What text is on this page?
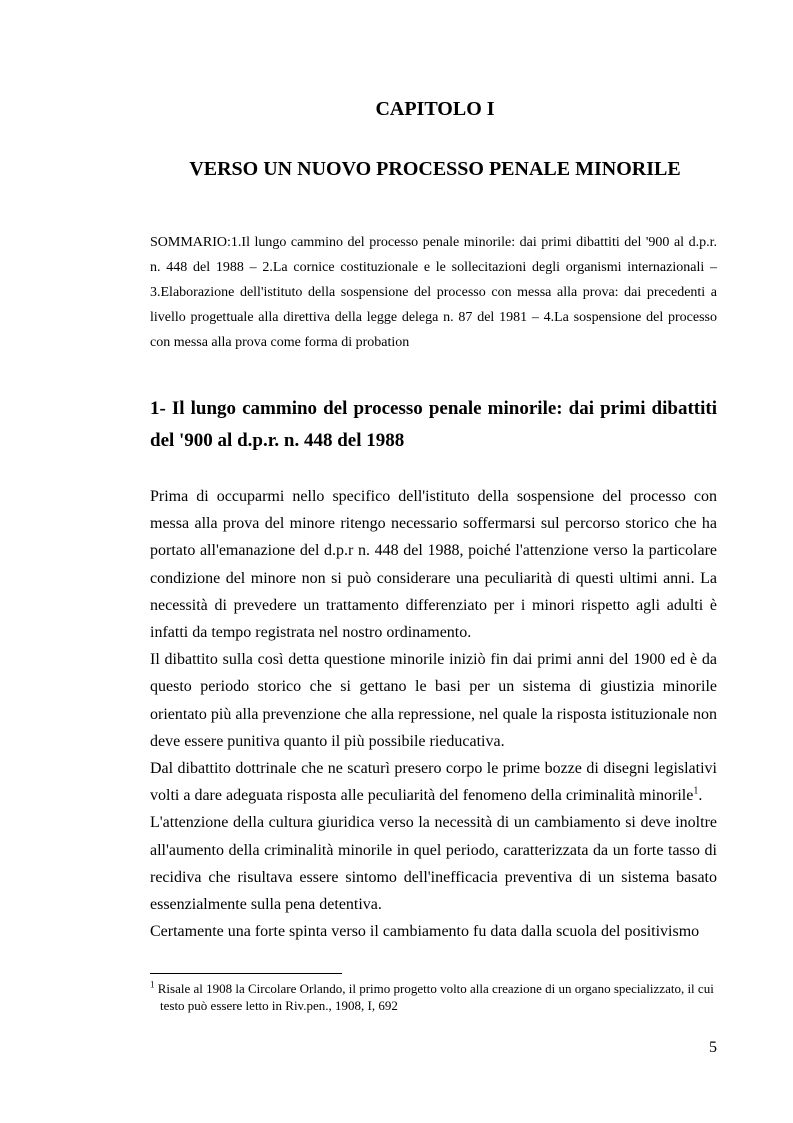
CAPITOLO I
VERSO UN NUOVO PROCESSO PENALE MINORILE
SOMMARIO:1.Il lungo cammino del processo penale minorile: dai primi dibattiti del '900 al d.p.r. n. 448 del 1988 – 2.La cornice costituzionale e le sollecitazioni degli organismi internazionali – 3.Elaborazione dell'istituto della sospensione del processo con messa alla prova: dai precedenti a livello progettuale alla direttiva della legge delega n. 87 del 1981 – 4.La sospensione del processo con messa alla prova come forma di probation
1- Il lungo cammino del processo penale minorile: dai primi dibattiti del '900 al d.p.r. n. 448 del 1988

Prima di occuparmi nello specifico dell'istituto della sospensione del processo con messa alla prova del minore ritengo necessario soffermarsi sul percorso storico che ha portato all'emanazione del d.p.r n. 448 del 1988, poiché l'attenzione verso la particolare condizione del minore non si può considerare una peculiarità di questi ultimi anni. La necessità di prevedere un trattamento differenziato per i minori rispetto agli adulti è infatti da tempo registrata nel nostro ordinamento.

Il dibattito sulla così detta questione minorile iniziò fin dai primi anni del 1900 ed è da questo periodo storico che si gettano le basi per un sistema di giustizia minorile orientato più alla prevenzione che alla repressione, nel quale la risposta istituzionale non deve essere punitiva quanto il più possibile rieducativa.

Dal dibattito dottrinale che ne scaturì presero corpo le prime bozze di disegni legislativi volti a dare adeguata risposta alle peculiarità del fenomeno della criminalità minorile$^1$.

L'attenzione della cultura giuridica verso la necessità di un cambiamento si deve inoltre all'aumento della criminalità minorile in quel periodo, caratterizzata da un forte tasso di recidiva che risultava essere sintomo dell'inefficacia preventiva di un sistema basato essenzialmente sulla pena detentiva.

Certamente una forte spinta verso il cambiamento fu data dalla scuola del positivismo

$^1$ Risale al 1908 la Circolare Orlando, il primo progetto volto alla creazione di un organo specializzato, il cui testo può essere letto in Riv.pen., 1908, I, 692
5
